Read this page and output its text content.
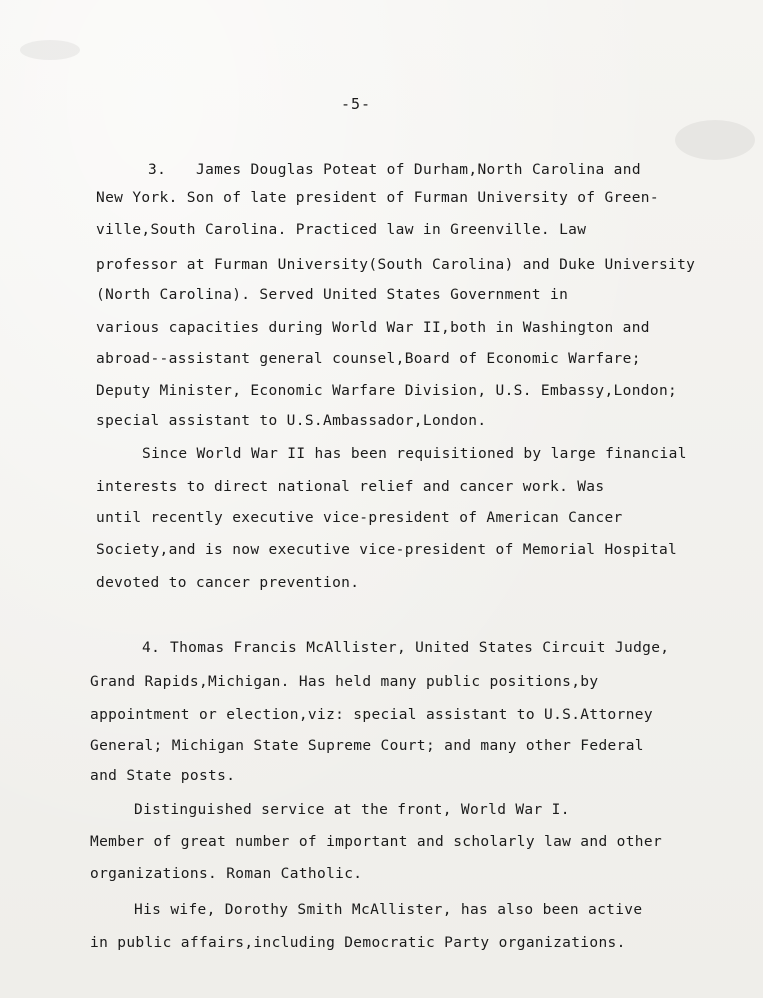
-5-
3. James Douglas Poteat of Durham,North Carolina and
New York. Son of late president of Furman University of Green-
ville,South Carolina. Practiced law in Greenville. Law
professor at Furman University(South Carolina) and Duke University
(North Carolina). Served United States Government in
various capacities during World War II,both in Washington and
abroad--assistant general counsel,Board of Economic Warfare;
Deputy Minister, Economic Warfare Division, U.S. Embassy,London;
special assistant to U.S.Ambassador,London.
Since World War II has been requisitioned by large financial
interests to direct national relief and cancer work. Was
until recently executive vice-president of American Cancer
Society,and is now executive vice-president of Memorial Hospital
devoted to cancer prevention.
4. Thomas Francis McAllister, United States Circuit Judge,
Grand Rapids,Michigan. Has held many public positions,by
appointment or election,viz: special assistant to U.S.Attorney
General; Michigan State Supreme Court; and many other Federal
and State posts.
Distinguished service at the front, World War I.
Member of great number of important and scholarly law and other
organizations. Roman Catholic.
His wife, Dorothy Smith McAllister, has also been active
in public affairs,including Democratic Party organizations.
